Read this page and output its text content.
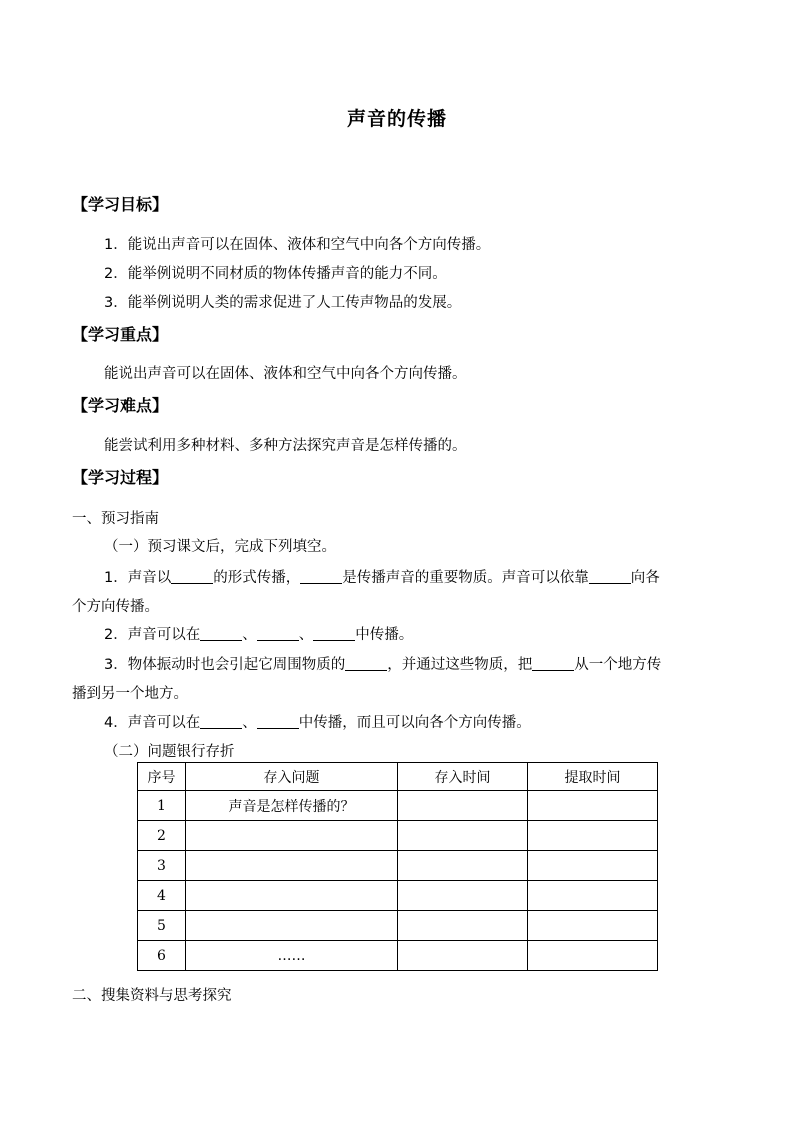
声音的传播
【学习目标】
1．能说出声音可以在固体、液体和空气中向各个方向传播。
2．能举例说明不同材质的物体传播声音的能力不同。
3．能举例说明人类的需求促进了人工传声物品的发展。
【学习重点】
能说出声音可以在固体、液体和空气中向各个方向传播。
【学习难点】
能尝试利用多种材料、多种方法探究声音是怎样传播的。
【学习过程】
一、预习指南
（一）预习课文后，完成下列填空。
1．声音以	的形式传播，	是传播声音的重要物质。声音可以依靠	向各
个方向传播。
2．声音可以在	、	、	中传播。
3．物体振动时也会引起它周围物质的	，并通过这些物质，把	从一个地方传
播到另一个地方。
4．声音可以在	、	中传播，而且可以向各个方向传播。
（二）问题银行存折
序号	存入问题	存入时间	提取时间
1	声音是怎样传播的？		
2			
3			
4			
5			
6	……		
二、搜集资料与思考探究
